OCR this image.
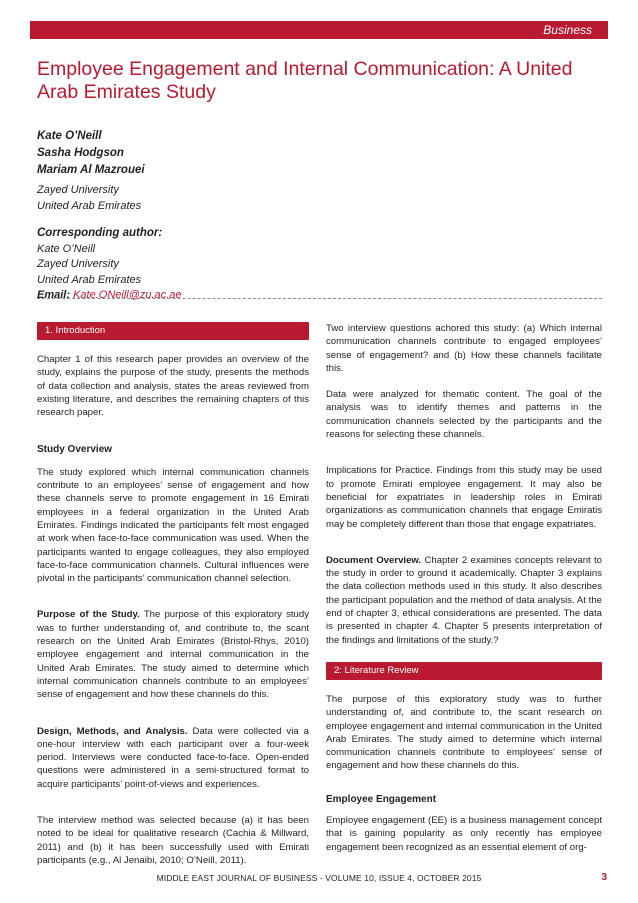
Business
Employee Engagement and Internal Communication: A United Arab Emirates Study
Kate O’Neill
Sasha Hodgson
Mariam Al Mazrouei
Zayed University
United Arab Emirates
Corresponding author:
Kate O’Neill
Zayed University
United Arab Emirates
Email: Kate.ONeill@zu.ac.ae
1. Introduction

Chapter 1 of this research paper provides an overview of the study, explains the purpose of the study, presents the methods of data collection and analysis, states the areas reviewed from existing literature, and describes the remaining chapters of this research paper.

Study Overview

The study explored which internal communication channels contribute to an employees’ sense of engagement and how these channels serve to promote engagement in 16 Emirati employees in a federal organization in the United Arab Emirates. Findings indicated the participants felt most engaged at work when face-to-face communication was used. When the participants wanted to engage colleagues, they also employed face-to-face communication channels. Cultural influences were pivotal in the participants’ communication channel selection.

Purpose of the Study. The purpose of this exploratory study was to further understanding of, and contribute to, the scant research on the United Arab Emirates (Bristol-Rhys, 2010) employee engagement and internal communication in the United Arab Emirates. The study aimed to determine which internal communication channels contribute to an employees’ sense of engagement and how these channels do this.

Design, Methods, and Analysis. Data were collected via a one-hour interview with each participant over a four-week period. Interviews were conducted face-to-face. Open-ended questions were administered in a semi-structured format to acquire participants’ point-of-views and experiences.

The interview method was selected because (a) it has been noted to be ideal for qualitative research (Cachia & Millward, 2011) and (b) it has been successfully used with Emirati participants (e.g., Al Jenaibi, 2010; O’Neill, 2011).

Two interview questions achored this study: (a) Which internal communication channels contribute to engaged employees’ sense of engagement? and (b) How these channels facilitate this.

Data were analyzed for thematic content. The goal of the analysis was to identify themes and patterns in the communication channels selected by the participants and the reasons for selecting these channels.

Implications for Practice. Findings from this study may be used to promote Emirati employee engagement. It may also be beneficial for expatriates in leadership roles in Emirati organizations as communication channels that engage Emiratis may be completely different than those that engage expatriates.

Document Overview. Chapter 2 examines concepts relevant to the study in order to ground it academically. Chapter 3 explains the data collection methods used in this study. It also describes the participant population and the method of data analysis. At the end of chapter 3, ethical considerations are presented. The data is presented in chapter 4. Chapter 5 presents interpretation of the findings and limitations of the study.?

2: Literature Review

The purpose of this exploratory study was to further understanding of, and contribute to, the scant research on employee engagement and internal communication in the United Arab Emirates. The study aimed to determine which internal communication channels contribute to employees’ sense of engagement and how these channels do this.

Employee Engagement

Employee engagement (EE) is a business management concept that is gaining popularity as only recently has employee engagement been recognized as an essential element of org-

MIDDLE EAST JOURNAL OF BUSINESS - VOLUME 10, ISSUE 4, OCTOBER 2015	3
